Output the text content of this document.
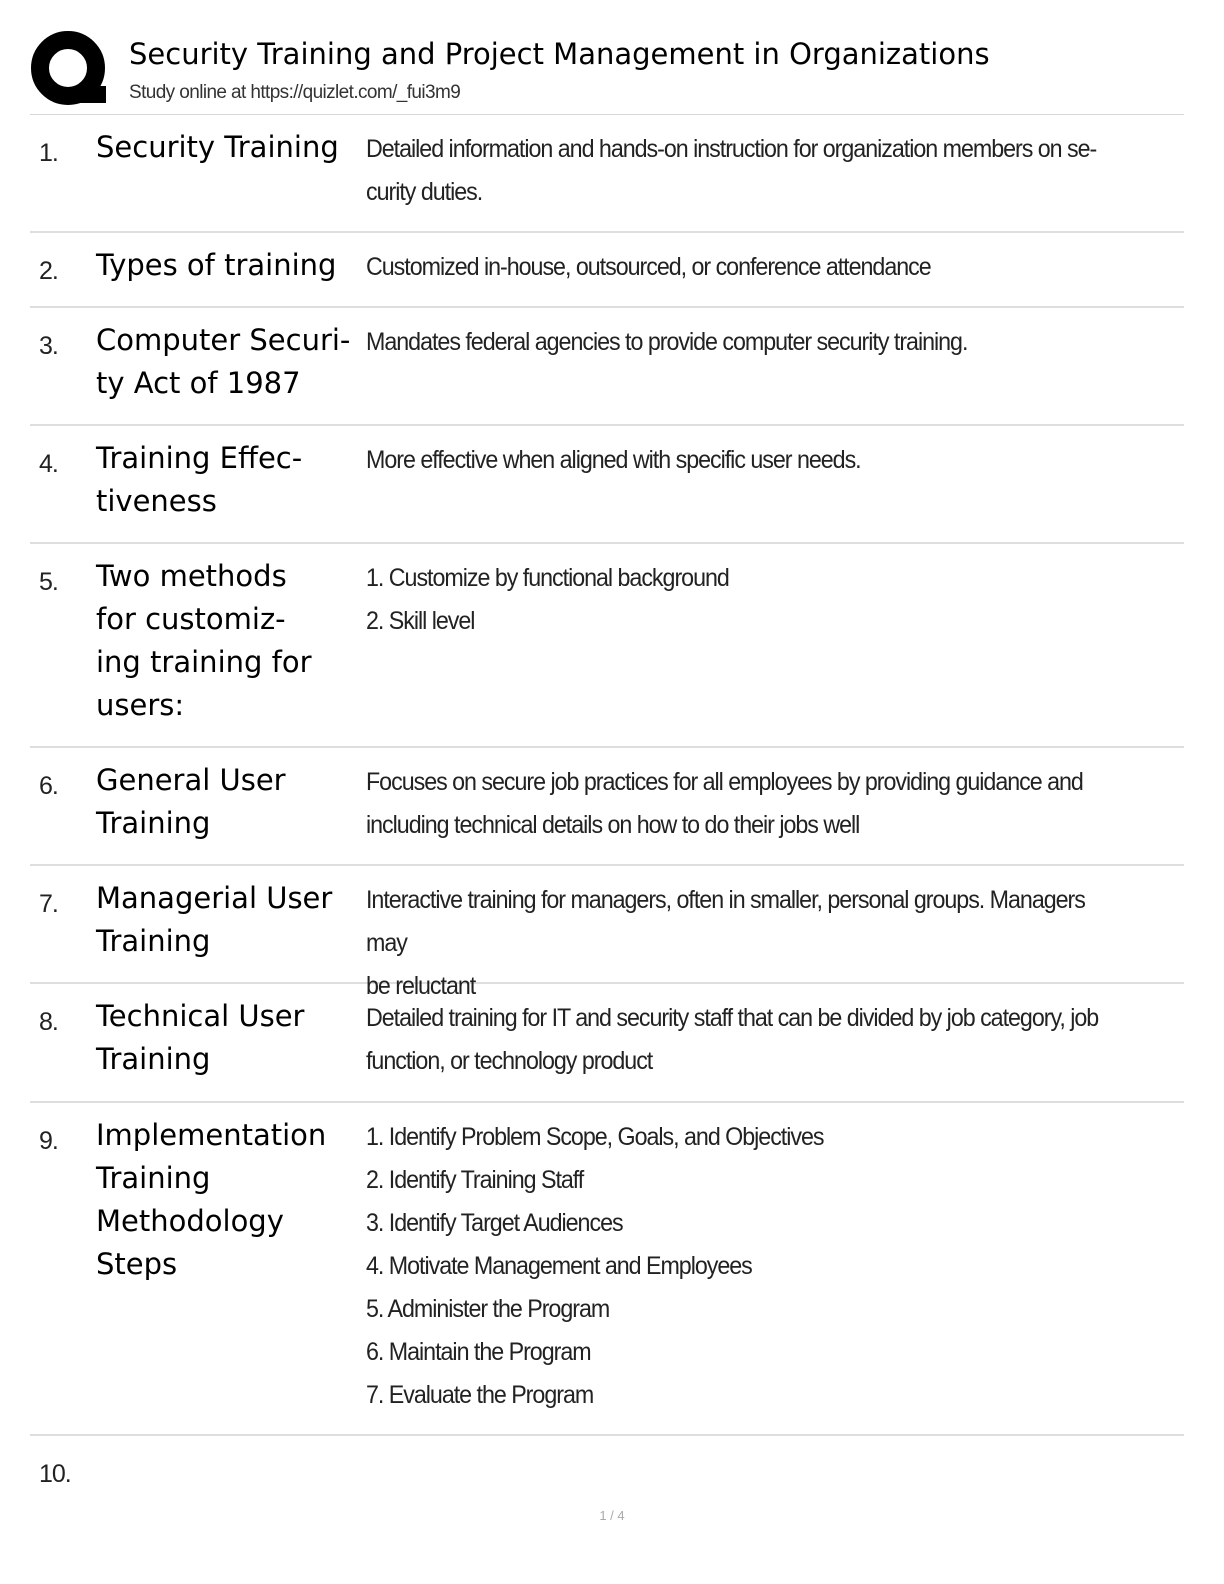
Security Training and Project Management in Organizations
Study online at https://quizlet.com/_fui3m9
1. Security Training	Detailed information and hands-on instruction for organization members on se-
curity duties.
2. Types of training	Customized in-house, outsourced, or conference attendance
3. Computer Securi-
ty Act of 1987
Mandates federal agencies to provide computer security training.
4. Training Effec-
tiveness
More effective when aligned with specific user needs.
5. Two methods
for customiz-
ing training for
users:
1. Customize by functional background
2. Skill level
6. General User
Training
Focuses on secure job practices for all employees by providing guidance and
including technical details on how to do their jobs well
7. Managerial User
Training
Interactive training for managers, often in smaller, personal groups. Managers may
be reluctant
8. Technical User
Training
Detailed training for IT and security staff that can be divided by job category, job
function, or technology product
9. Implementation
Training
Methodology
Steps
1. Identify Problem Scope, Goals, and Objectives
2. Identify Training Staff
3. Identify Target Audiences
4. Motivate Management and Employees
5. Administer the Program
6. Maintain the Program
7. Evaluate the Program
10.
1 / 4
